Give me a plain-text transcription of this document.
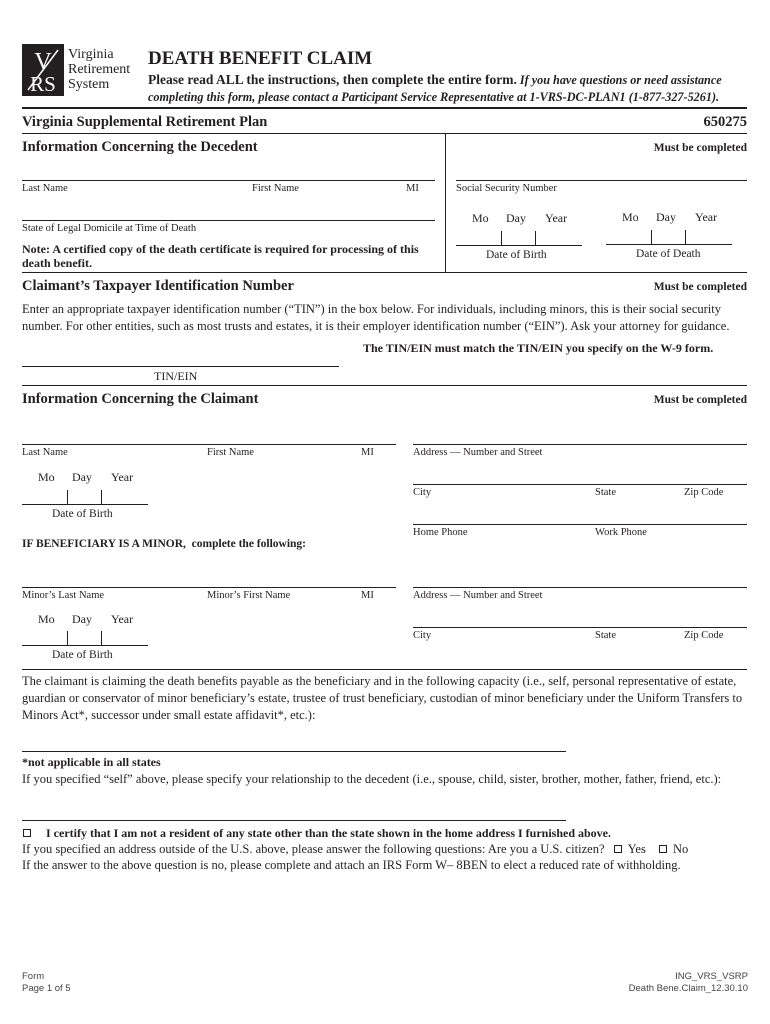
V
RS
Virginia
Retirement
System
DEATH BENEFIT CLAIM
Please read ALL the instructions, then complete the entire form. If you have questions or need assistance
completing this form, please contact a Participant Service Representative at 1-VRS-DC-PLAN1 (1-877-327-5261).
Virginia Supplemental Retirement Plan	650275
Information Concerning the Decedent	Must be completed
Last Name	First Name	MI	Social Security Number
State of Legal Domicile at Time of Death
Note: A certified copy of the death certificate is required for processing of this death benefit.
Mo Day Year
Date of Birth
Mo Day Year
Date of Death
Claimant’s Taxpayer Identification Number	Must be completed
Enter an appropriate taxpayer identification number (“TIN”) in the box below. For individuals, including minors, this is their social security number. For other entities, such as most trusts and estates, it is their employer identification number (“EIN”). Ask your attorney for guidance.
The TIN/EIN must match the TIN/EIN you specify on the W-9 form.
TIN/EIN
Information Concerning the Claimant	Must be completed
Last Name	First Name	MI	Address — Number and Street
Mo Day Year
Date of Birth
City	State	Zip Code
Home Phone	Work Phone
IF BENEFICIARY IS A MINOR,  complete the following:
Minor’s Last Name	Minor’s First Name	MI	Address — Number and Street
Mo Day Year
Date of Birth
City	State	Zip Code
The claimant is claiming the death benefits payable as the beneficiary and in the following capacity (i.e., self, personal representative of estate, guardian or conservator of minor beneficiary’s estate, trustee of trust beneficiary, custodian of minor beneficiary under the Uniform Transfers to Minors Act*, successor under small estate affidavit*, etc.):
*not applicable in all states
If you specified “self” above, please specify your relationship to the decedent (i.e., spouse, child, sister, brother, mother, father, friend, etc.):
I certify that I am not a resident of any state other than the state shown in the home address I furnished above.
If you specified an address outside of the U.S. above, please answer the following questions: Are you a U.S. citizen? Yes No
If the answer to the above question is no, please complete and attach an IRS Form W– 8BEN to elect a reduced rate of withholding.
Form
Page 1 of 5
ING_VRS_VSRP
Death Bene.Claim_12.30.10
